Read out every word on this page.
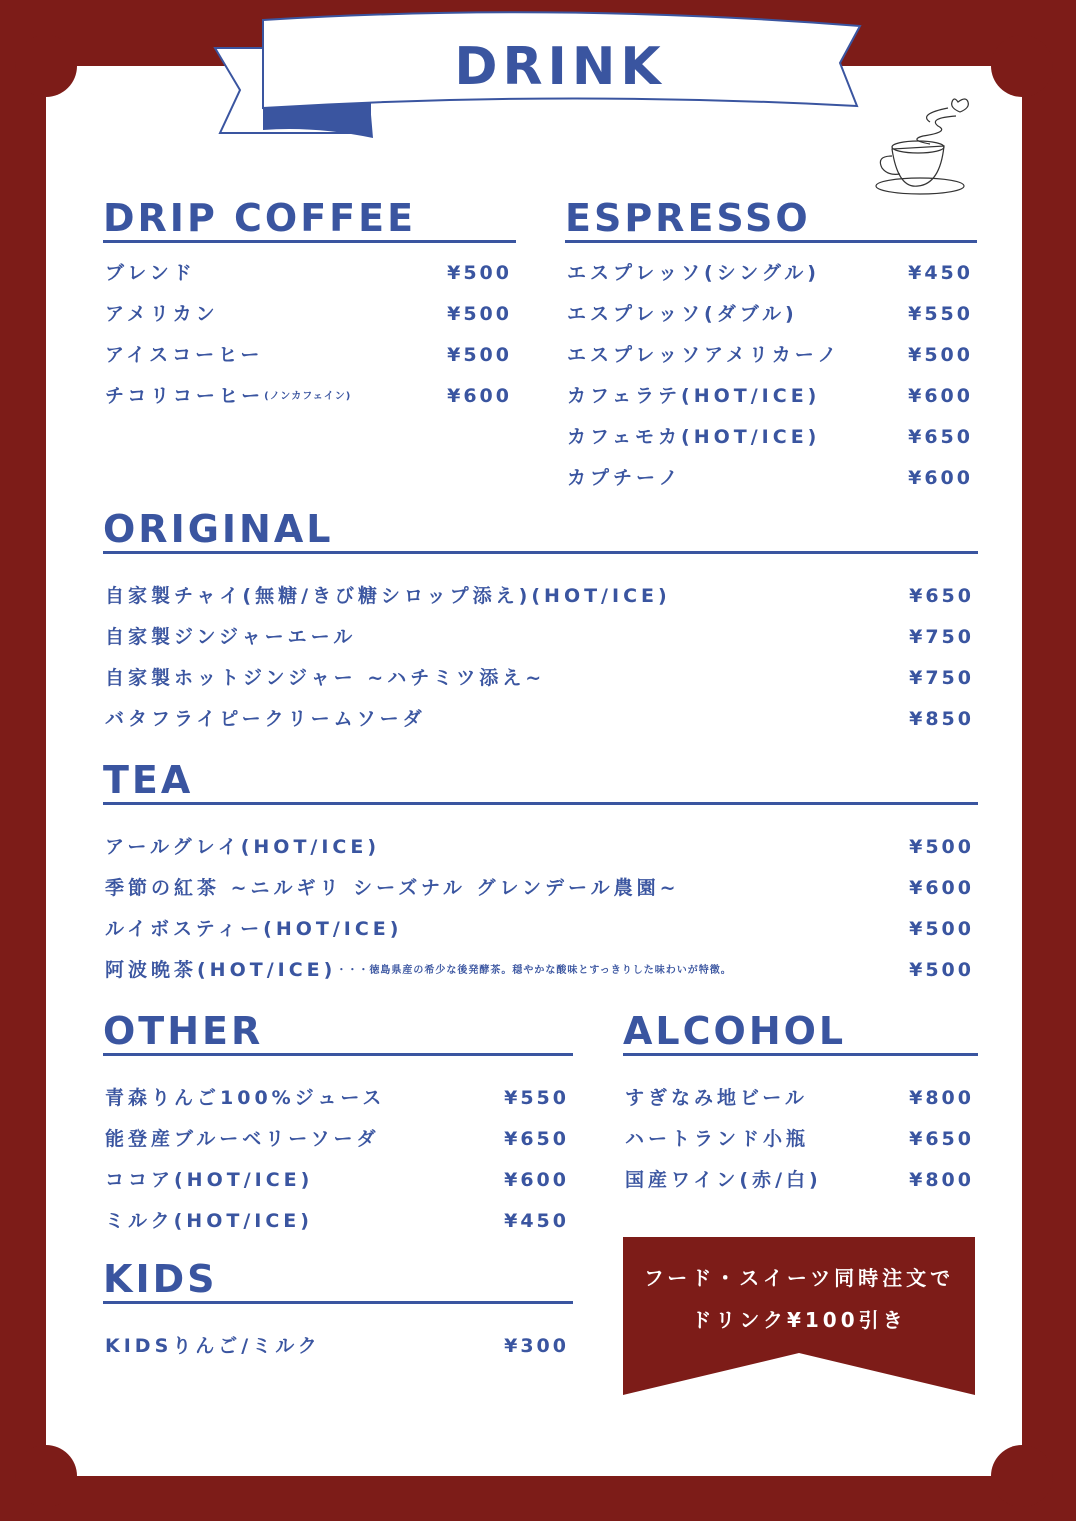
DRINK
DRIP COFFEE
ブレンド	¥500
アメリカン	¥500
アイスコーヒー	¥500
チコリコーヒー(ノンカフェイン)	¥600
ESPRESSO
エスプレッソ(シングル)	¥450
エスプレッソ(ダブル)	¥550
エスプレッソアメリカーノ	¥500
カフェラテ(HOT/ICE)	¥600
カフェモカ(HOT/ICE)	¥650
カプチーノ	¥600
ORIGINAL
自家製チャイ(無糖/きび糖シロップ添え)(HOT/ICE)	¥650
自家製ジンジャーエール	¥750
自家製ホットジンジャー ~ハチミツ添え~	¥750
バタフライピークリームソーダ	¥850
TEA
アールグレイ(HOT/ICE)	¥500
季節の紅茶 ~ニルギリ シーズナル グレンデール農園~	¥600
ルイボスティー(HOT/ICE)	¥500
阿波晩茶(HOT/ICE)・・・徳島県産の希少な後発酵茶。穏やかな酸味とすっきりした味わいが特徴。	¥500
OTHER
青森りんご100%ジュース	¥550
能登産ブルーベリーソーダ	¥650
ココア(HOT/ICE)	¥600
ミルク(HOT/ICE)	¥450
ALCOHOL
すぎなみ地ビール	¥800
ハートランド小瓶	¥650
国産ワイン(赤/白)	¥800
KIDS
KIDSりんご/ミルク	¥300
フード・スイーツ同時注文で
ドリンク¥100引き
